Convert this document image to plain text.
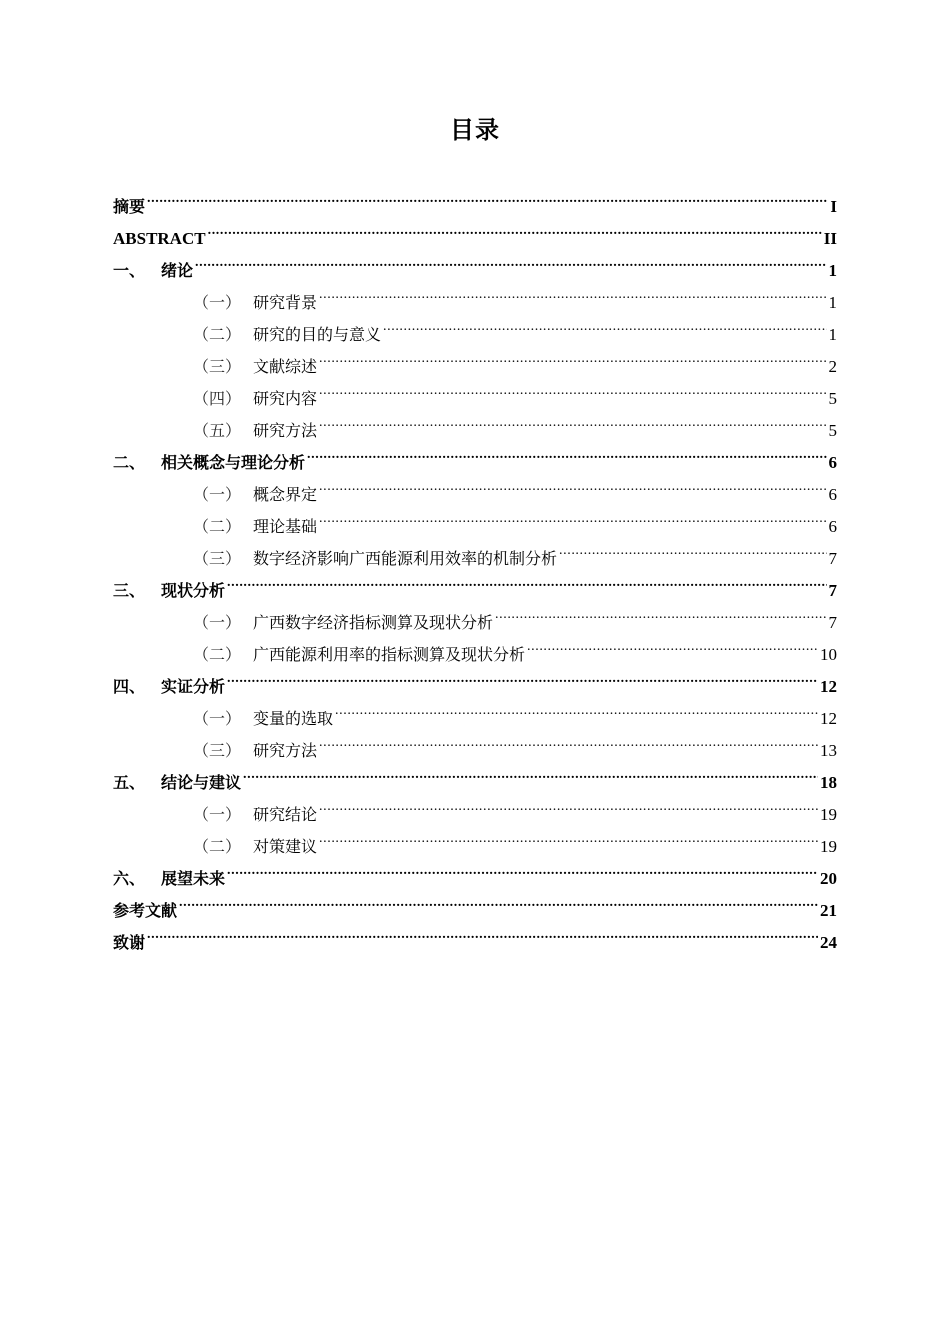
目录
摘要 .....	I
ABSTRACT .....	II
一、 绪论 .....	1
（一） 研究背景 .....	1
（二） 研究的目的与意义 .....	1
（三） 文献综述 .....	2
（四） 研究内容 .....	5
（五） 研究方法 .....	5
二、 相关概念与理论分析 .....	6
（一） 概念界定 .....	6
（二） 理论基础 .....	6
（三） 数字经济影响广西能源利用效率的机制分析 .....	7
三、 现状分析 .....	7
（一） 广西数字经济指标测算及现状分析 .....	7
（二） 广西能源利用率的指标测算及现状分析 .....	10
四、 实证分析 .....	12
（一） 变量的选取 .....	12
（三） 研究方法 .....	13
五、 结论与建议 .....	18
（一） 研究结论 .....	19
（二） 对策建议 .....	19
六、 展望未来 .....	20
参考文献 .....	21
致谢 .....	24
